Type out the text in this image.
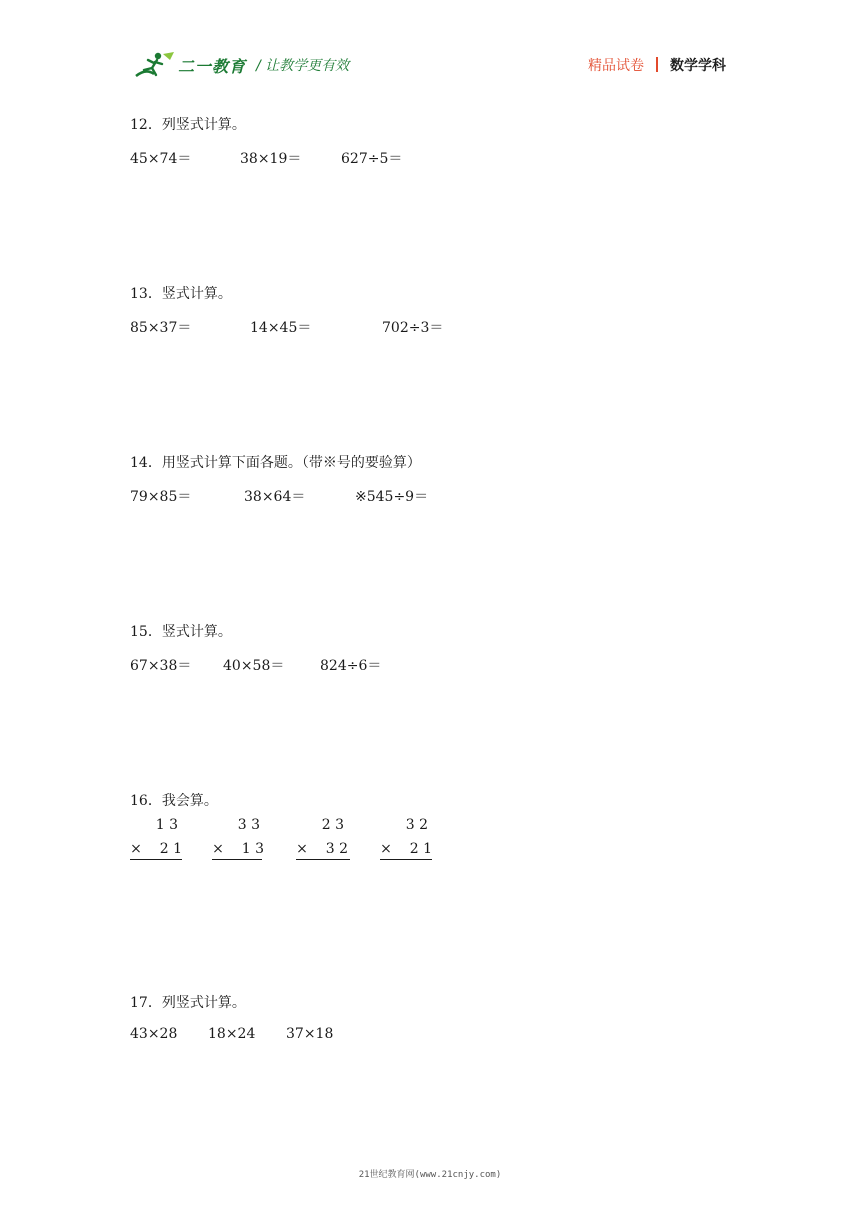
二一教育 / 让教学更有效	精品试卷 数学学科
12．列竖式计算。
45×74＝	38×19＝	627÷5＝
13．竖式计算。
85×37＝	14×45＝	702÷3＝
14．用竖式计算下面各题。（带※号的要验算）
79×85＝	38×64＝	※545÷9＝
15．竖式计算。
67×38＝ 40×58＝	824÷6＝
16．我会算。
1 3
×	2 1
3 3
×	1 3
2 3
×	3 2
3 2
×	2 1
17．列竖式计算。
43×28 18×24 37×18
21世纪教育网(www.21cnjy.com)
